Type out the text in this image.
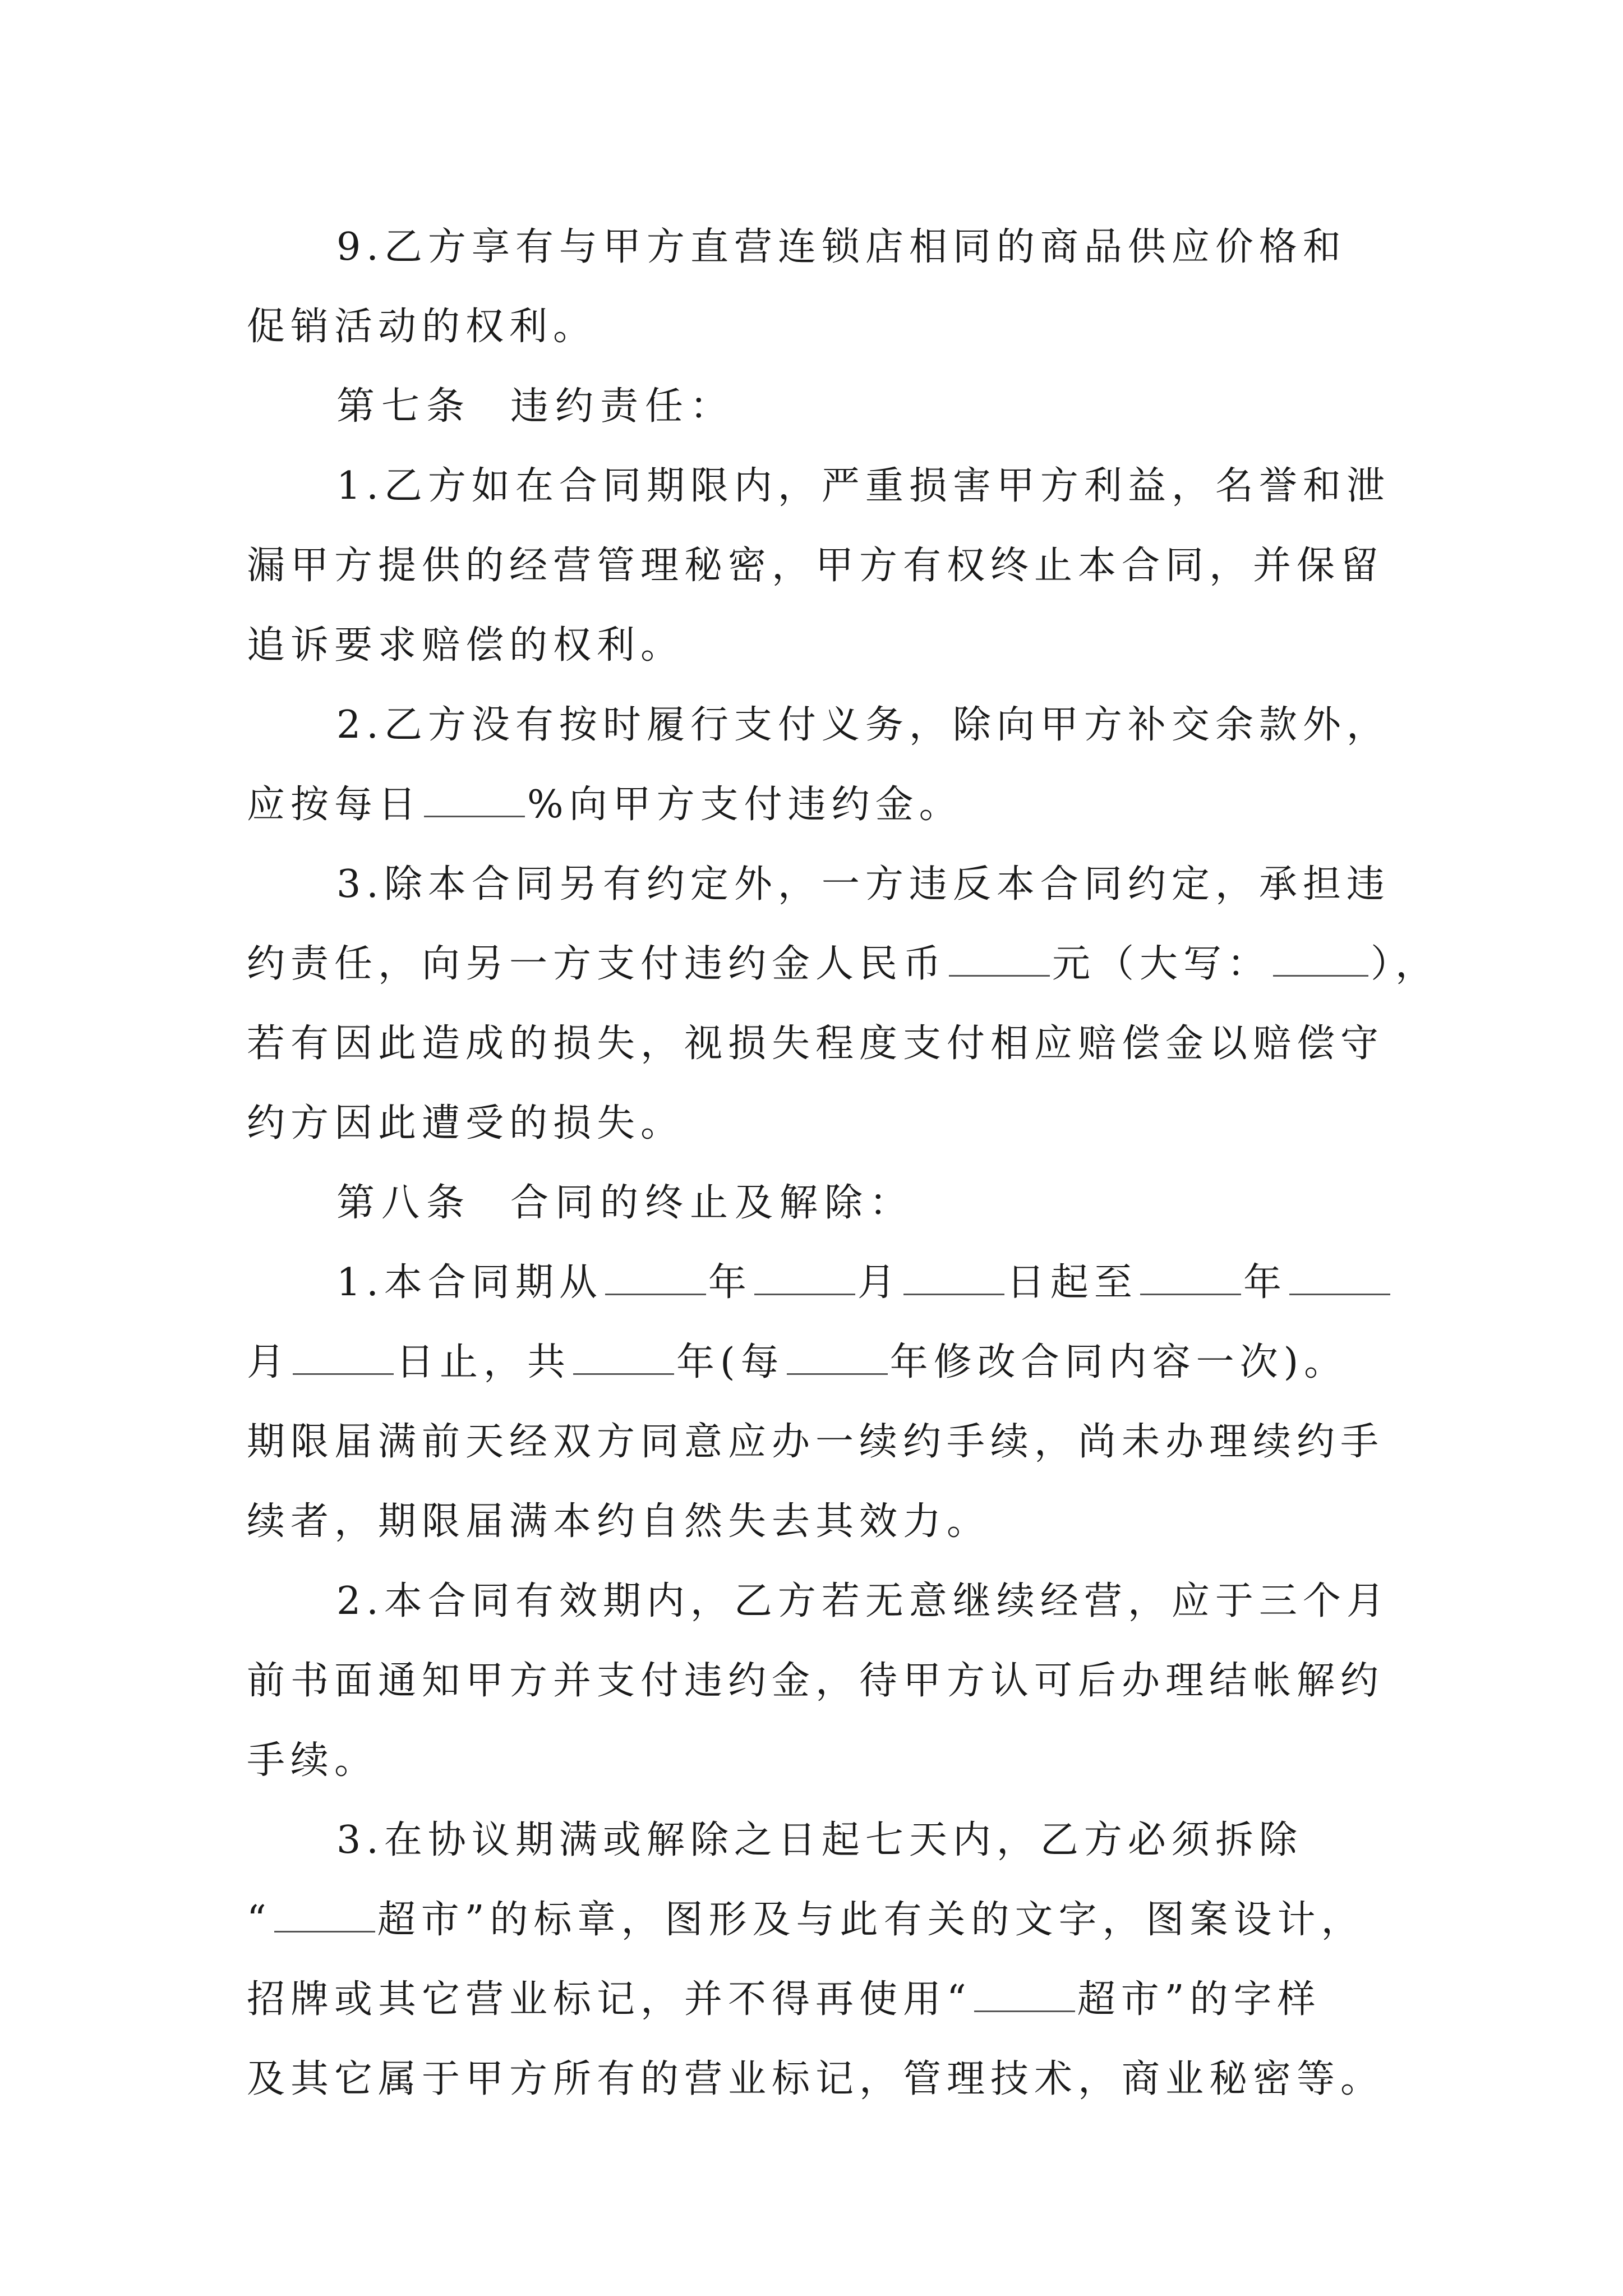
9.乙方享有与甲方直营连锁店相同的商品供应价格和
促销活动的权利。
第七条 违约责任：
1.乙方如在合同期限内，严重损害甲方利益，名誉和泄
漏甲方提供的经营管理秘密，甲方有权终止本合同，并保留
追诉要求赔偿的权利。
2.乙方没有按时履行支付义务，除向甲方补交余款外，
应按每日	%向甲方支付违约金。
3.除本合同另有约定外，一方违反本合同约定，承担违
约责任，向另一方支付违约金人民币	元（大写：	），
若有因此造成的损失，视损失程度支付相应赔偿金以赔偿守
约方因此遭受的损失。
第八条 合同的终止及解除：
1.本合同期从	年	月	日起至	年
月	日止，共	年(每	年修改合同内容一次)。
期限届满前天经双方同意应办一续约手续，尚未办理续约手
续者，期限届满本约自然失去其效力。
2.本合同有效期内，乙方若无意继续经营，应于三个月
前书面通知甲方并支付违约金，待甲方认可后办理结帐解约
手续。
3.在协议期满或解除之日起七天内，乙方必须拆除
“	超市”的标章，图形及与此有关的文字，图案设计，
招牌或其它营业标记，并不得再使用“	超市”的字样
及其它属于甲方所有的营业标记，管理技术，商业秘密等。
